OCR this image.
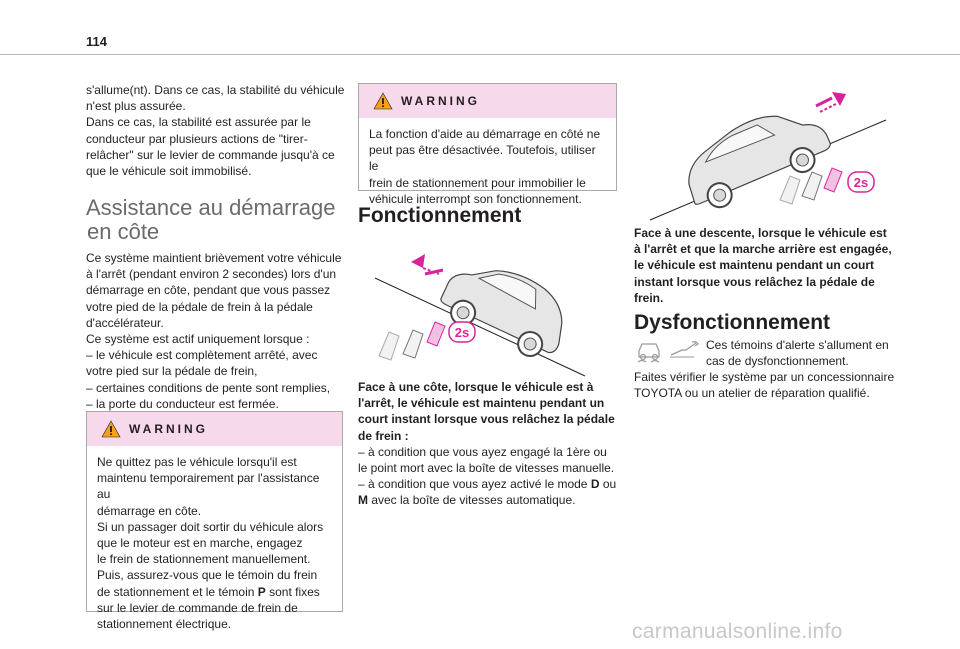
114

s'allume(nt). Dans ce cas, la stabilité du véhicule

n'est plus assurée.

Dans ce cas, la stabilité est assurée par le

conducteur par plusieurs actions de "tirer-

relâcher" sur le levier de commande jusqu'à ce

que le véhicule soit immobilisé.

Assistance au démarrage
en côte

Ce système maintient brièvement votre véhicule

à l'arrêt (pendant environ 2 secondes) lors d'un

démarrage en côte, pendant que vous passez

votre pied de la pédale de frein à la pédale

d'accélérateur.

Ce système est actif uniquement lorsque :

– le véhicule est complètement arrêté, avec

votre pied sur la pédale de frein,

– certaines conditions de pente sont remplies,

– la porte du conducteur est fermée.

WARNING

Ne quittez pas le véhicule lorsqu'il est

maintenu temporairement par l'assistance au

démarrage en côte.

Si un passager doit sortir du véhicule alors

que le moteur est en marche, engagez

le frein de stationnement manuellement.

Puis, assurez-vous que le témoin du frein

de stationnement et le témoin P sont fixes

sur le levier de commande de frein de

stationnement électrique.

WARNING

La fonction d'aide au démarrage en côté ne

peut pas être désactivée. Toutefois, utiliser le

frein de stationnement pour immobilier le

véhicule interrompt son fonctionnement.

Fonctionnement
2s

Face à une côte, lorsque le véhicule est à

l'arrêt, le véhicule est maintenu pendant un

court instant lorsque vous relâchez la pédale

de frein :

– à condition que vous ayez engagé la 1ère ou

le point mort avec la boîte de vitesses manuelle.

– à condition que vous ayez activé le mode D ou

M avec la boîte de vitesses automatique.

2s

Face à une descente, lorsque le véhicule est

à l'arrêt et que la marche arrière est engagée,

le véhicule est maintenu pendant un court

instant lorsque vous relâchez la pédale de

frein.

Dysfonctionnement

Ces témoins d'alerte s'allument en

cas de dysfonctionnement.

Faites vérifier le système par un concessionnaire

TOYOTA ou un atelier de réparation qualifié.

carmanualsonline.info
